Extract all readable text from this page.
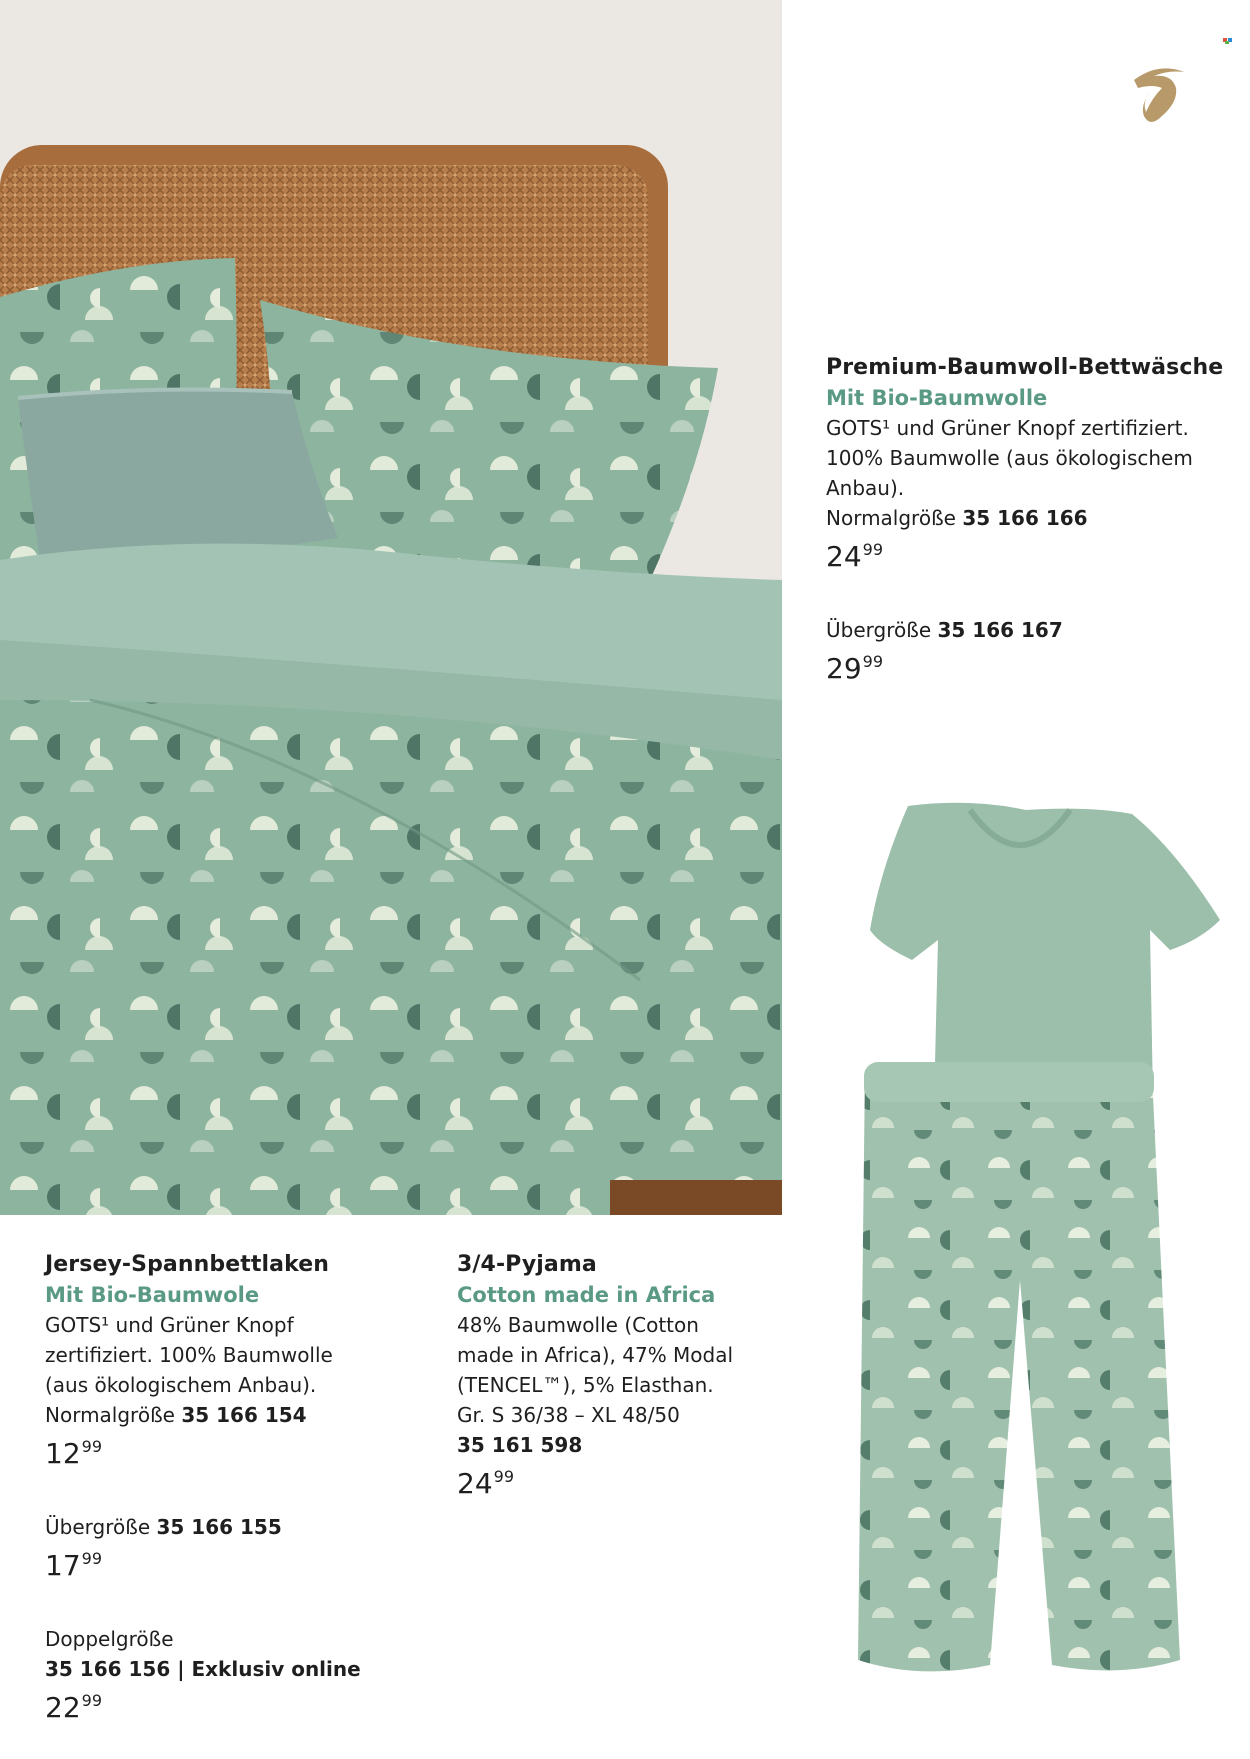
Premium-Baumwoll-Bettwäsche
Mit Bio-Baumwolle
GOTS¹ und Grüner Knopf zertifiziert.
100% Baumwolle (aus ökologischem
Anbau).
Normalgröße 35 166 166
$24^{99}$
Übergröße 35 166 167
$29^{99}$
Jersey-Spannbettlaken
Mit Bio-Baumwole
GOTS¹ und Grüner Knopf
zertifiziert. 100% Baumwolle
(aus ökologischem Anbau).
Normalgröße 35 166 154
$12^{99}$
Übergröße 35 166 155
$17^{99}$
Doppelgröße
35 166 156 | Exklusiv online
$22^{99}$
3/4-Pyjama
Cotton made in Africa
48% Baumwolle (Cotton
made in Africa), 47% Modal
(TENCEL™), 5% Elasthan.
Gr. S 36/38 – XL 48/50
35 161 598
$24^{99}$
